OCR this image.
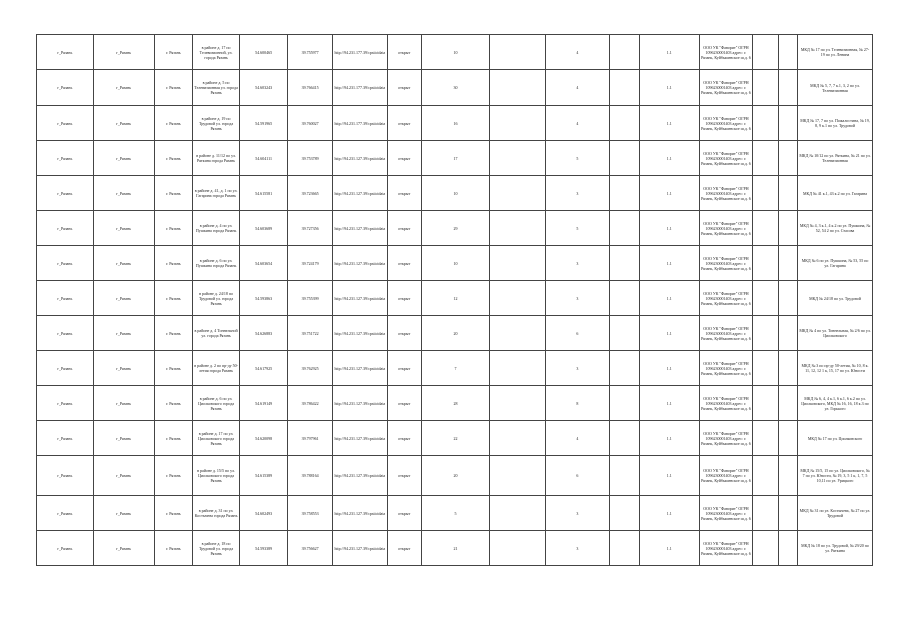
г_Рязань	г_Рязань	г. Рязань	в районе д. 17 по Телевизионной, ул. города Рязань	54.600465	39.755977	http://94.231.177.39/cpsticidata	открыт	10		4		1.1	ООО УК "Фаворит" ОГРН 1096230001403 адрес: г. Рязань, Куйбышевское ш.д. 6			МКД № 17 по ул. Телевизионная, № 27-19 по ул. Ленина
г_Рязань	г_Рязань	г. Рязань	в районе д. 5 по Телевизионная ул. города Рязань	54.603243	39.766415	http://94.231.177.39/cpsticidata	открыт	30		4		1.1	ООО УК "Фаворит" ОГРН 1096230001403 адрес: г. Рязань, Куйбышевское ш.д. 6			МКД № 5, 7, 7 к.1, 3, 2 по ул. Телевизионная
г_Рязань	г_Рязань	г. Рязань	в районе д. 19 по Трудовой ул. города Рязань	54.591965	39.760027	http://94.231.177.39/cpsticidata	открыт	16		4		1.1	ООО УК "Фаворит" ОГРН 1096230001403 адрес: г. Рязань, Куйбышевское ш.д. 6			МКД № 17, 7 по ул. Пожалостина, № 19, 8, 9 к.1 по ул. Трудовой
г_Рязань	г_Рязань	г. Рязань	в районе д. 11/12 по ул. Ряткина города Рязань	54.604111	39.753789	http://94.231.127.39/cpsticidata	открыт	17		5		1.1	ООО УК "Фаворит" ОГРН 1096230001403 адрес: г. Рязань, Куйбышевское ш.д. 6			МКД № 10/12 по ул. Ряткина, № 21 по ул. Телевизионная
г_Рязань	г_Рязань	г. Рязань	в районе д. 41, д. 1 по ул. Гагарина города Рязань	54.615581	39.723665	http://94.231.127.39/cpsticidata	открыт	10		3		1.1	ООО УК "Фаворит" ОГРН 1096230001403 адрес: г. Рязань, Куйбышевское ш.д. 6			МКД № 41 к.1, 43 к.2 по ул. Гагарина
г_Рязань	г_Рязань	г. Рязань	в районе д. 4 по ул. Пушкина города Рязань	54.603689	39.727356	http://94.231.127.39/cpsticidata	открыт	29		5		1.1	ООО УК "Фаворит" ОГРН 1096230001403 адрес: г. Рязань, Куйбышевское ш.д. 6			МКД № 4, 3 к.1, 4 к.2 по ул. Пушкина, № 52, 54 2 по ул. Стасова
г_Рязань	г_Рязань	г. Рязань	в районе д. 6 по ул. Пушкина города Рязань	54.603654	39.724179	http://94.231.127.39/cpsticidata	открыт	10		3		1.1	ООО УК "Фаворит" ОГРН 1096230001403 адрес: г. Рязань, Куйбышевское ш.д. 6			МКД № 6 по ул. Пушкина, № 53, 55 по ул. Гагарина
г_Рязань	г_Рязань	г. Рязань	в районе д. 24/18 по Трудовой ул. города Рязань	54.593863	39.755399	http://94.231.127.39/cpsticidata	открыт	12		3		1.1	ООО УК "Фаворит" ОГРН 1096230001403 адрес: г. Рязань, Куйбышевское ш.д. 6			МКД № 24/18 по ул. Трудовой
г_Рязань	г_Рязань	г. Рязань	в районе д. 4 Тоннельной ул. города Рязань	54.626883	39.751722	http://94.231.127.39/cpsticidata	открыт	20		6		1.1	ООО УК "Фаворит" ОГРН 1096230001403 адрес: г. Рязань, Куйбышевское ш.д. 6			МКД № 4 по ул. Тоннельная, № 2/6 по ул. Циолковского
г_Рязань	г_Рязань	г. Рязань	в районе д. 2 по пр-ду 50-летия города Рязань	54.617925	39.762925	http://94.231.127.39/cpsticidata	открыт	7		3		1.1	ООО УК "Фаворит" ОГРН 1096230001403 адрес: г. Рязань, Куйбышевское ш.д. 6			МКД № 3 по пр-ду 50-летия, № 10, 8 к. 11, 12, 12 1 к, 15, 17 по ул. Юности
г_Рязань	г_Рязань	г. Рязань	в районе д. 6 по ул. Циолковского города Рязань	54.619149	39.786422	http://94.231.127.39/cpsticidata	открыт	28		8		1.1	ООО УК "Фаворит" ОГРН 1096230001403 адрес: г. Рязань, Куйбышевское ш.д. 6			МКД № 6, 4, 4 к.1, 6 к.1, 6 к.2 по ул. Циолковского, МКД № 16, 16, 18 к.3 по ул. Горького
г_Рязань	г_Рязань	г. Рязань	в районе д. 17 по ул. Циолковского города Рязань	54.620098	39.797961	http://94.231.127.39/cpsticidata	открыт	22		4		1.1	ООО УК "Фаворит" ОГРН 1096230001403 адрес: г. Рязань, Куйбышевское ш.д. 6			МКД № 17 по ул. Циолковского
г_Рязань	г_Рязань	г. Рязань	в районе д. 15/5 по ул. Циолковского города Рязань	54.615389	39.788164	http://94.231.127.39/cpsticidata	открыт	20		6		1.1	ООО УК "Фаворит" ОГРН 1096230001403 адрес: г. Рязань, Куйбышевское ш.д. 6			МКД № 15/5, 15 по ул. Циолковского, № 7 по ул. Юности, № 19, 3, 5 1 к, 1, 7, 5 10,11 по ул. Урицкого
г_Рязань	г_Рязань	г. Рязань	в районе д. 31 по ул. Костычева города Рязань	54.602493	39.758553	http://94.231.127.39/cpsticidata	открыт	5		3		1.1	ООО УК "Фаворит" ОГРН 1096230001403 адрес: г. Рязань, Куйбышевское ш.д. 6			МКД № 31 по ул. Костычева, № 27 по ул. Трудовой
г_Рязань	г_Рязань	г. Рязань	в районе д. 18 по Трудовой ул. города Рязань	54.593389	39.756627	http://94.231.127.39/cpsticidata	открыт	21		3		1.1	ООО УК "Фаворит" ОГРН 1096230001403 адрес: г. Рязань, Куйбышевское ш.д. 6			МКД № 18 по ул. Трудовой, № 29/20 по ул. Ряткина
